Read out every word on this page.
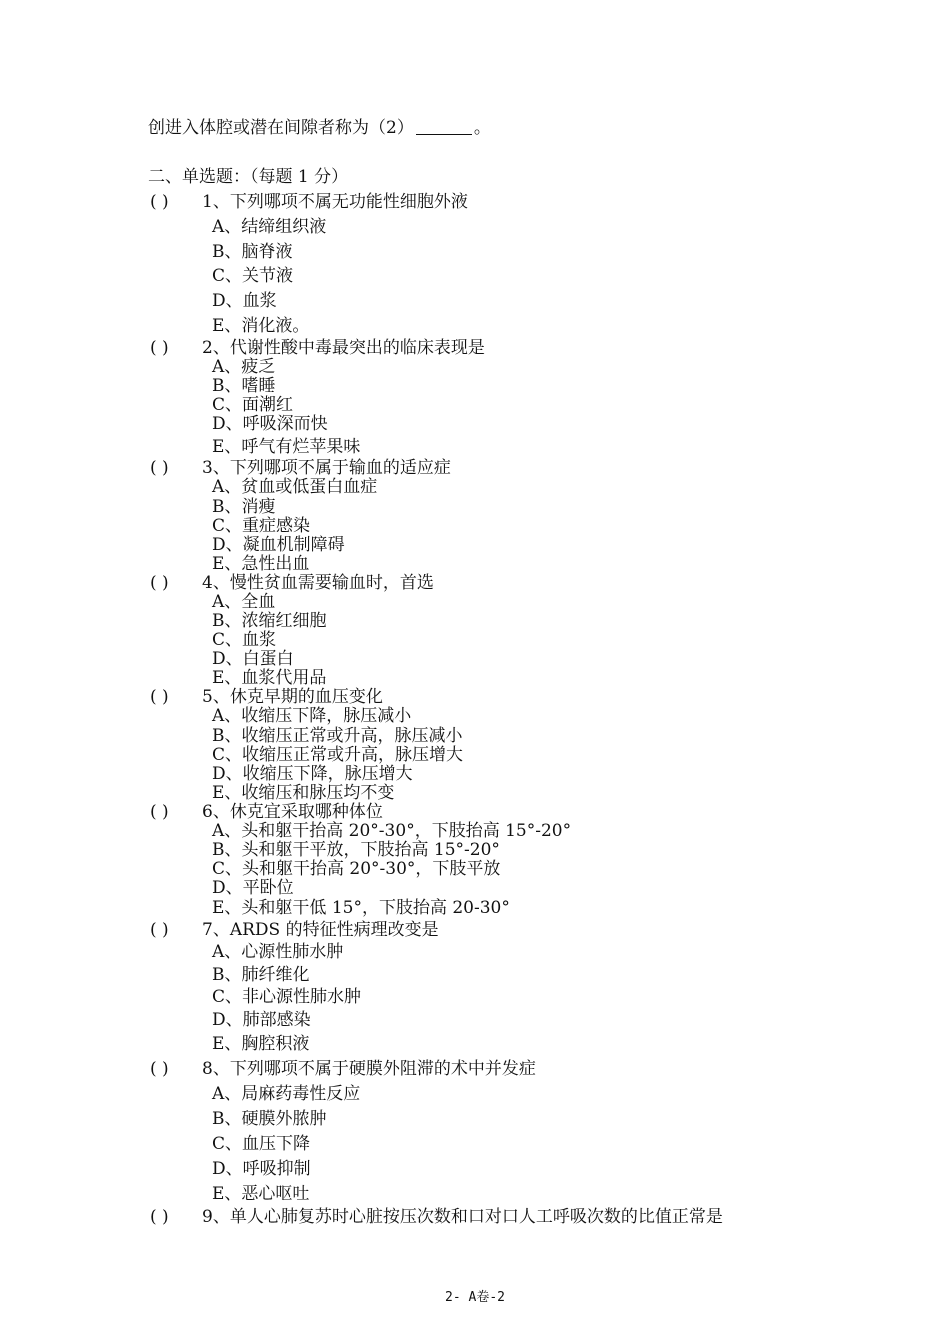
创进入体腔或潜在间隙者称为（2）	。
二、单选题：（每题 1 分）
( ) 1、下列哪项不属无功能性细胞外液
A、结缔组织液
B、脑脊液
C、关节液
D、血浆
E、消化液。
( ) 2、代谢性酸中毒最突出的临床表现是
A、疲乏
B、嗜睡
C、面潮红
D、呼吸深而快
E、呼气有烂苹果味
( ) 3、下列哪项不属于输血的适应症
A、贫血或低蛋白血症
B、消瘦
C、重症感染
D、凝血机制障碍
E、急性出血
( ) 4、慢性贫血需要输血时，首选
A、全血
B、浓缩红细胞
C、血浆
D、白蛋白
E、血浆代用品
( ) 5、休克早期的血压变化
A、收缩压下降，脉压减小
B、收缩压正常或升高，脉压减小
C、收缩压正常或升高，脉压增大
D、收缩压下降，脉压增大
E、收缩压和脉压均不变
( ) 6、休克宜采取哪种体位
A、头和躯干抬高 20°-30°，下肢抬高 15°-20°
B、头和躯干平放，下肢抬高 15°-20°
C、头和躯干抬高 20°-30°，下肢平放
D、平卧位
E、头和躯干低 15°，下肢抬高 20-30°
( ) 7、ARDS 的特征性病理改变是
A、心源性肺水肿
B、肺纤维化
C、非心源性肺水肿
D、肺部感染
E、胸腔积液
( ) 8、下列哪项不属于硬膜外阻滞的术中并发症
A、局麻药毒性反应
B、硬膜外脓肿
C、血压下降
D、呼吸抑制
E、恶心呕吐
( ) 9、单人心肺复苏时心脏按压次数和口对口人工呼吸次数的比值正常是
2- A卷-2
